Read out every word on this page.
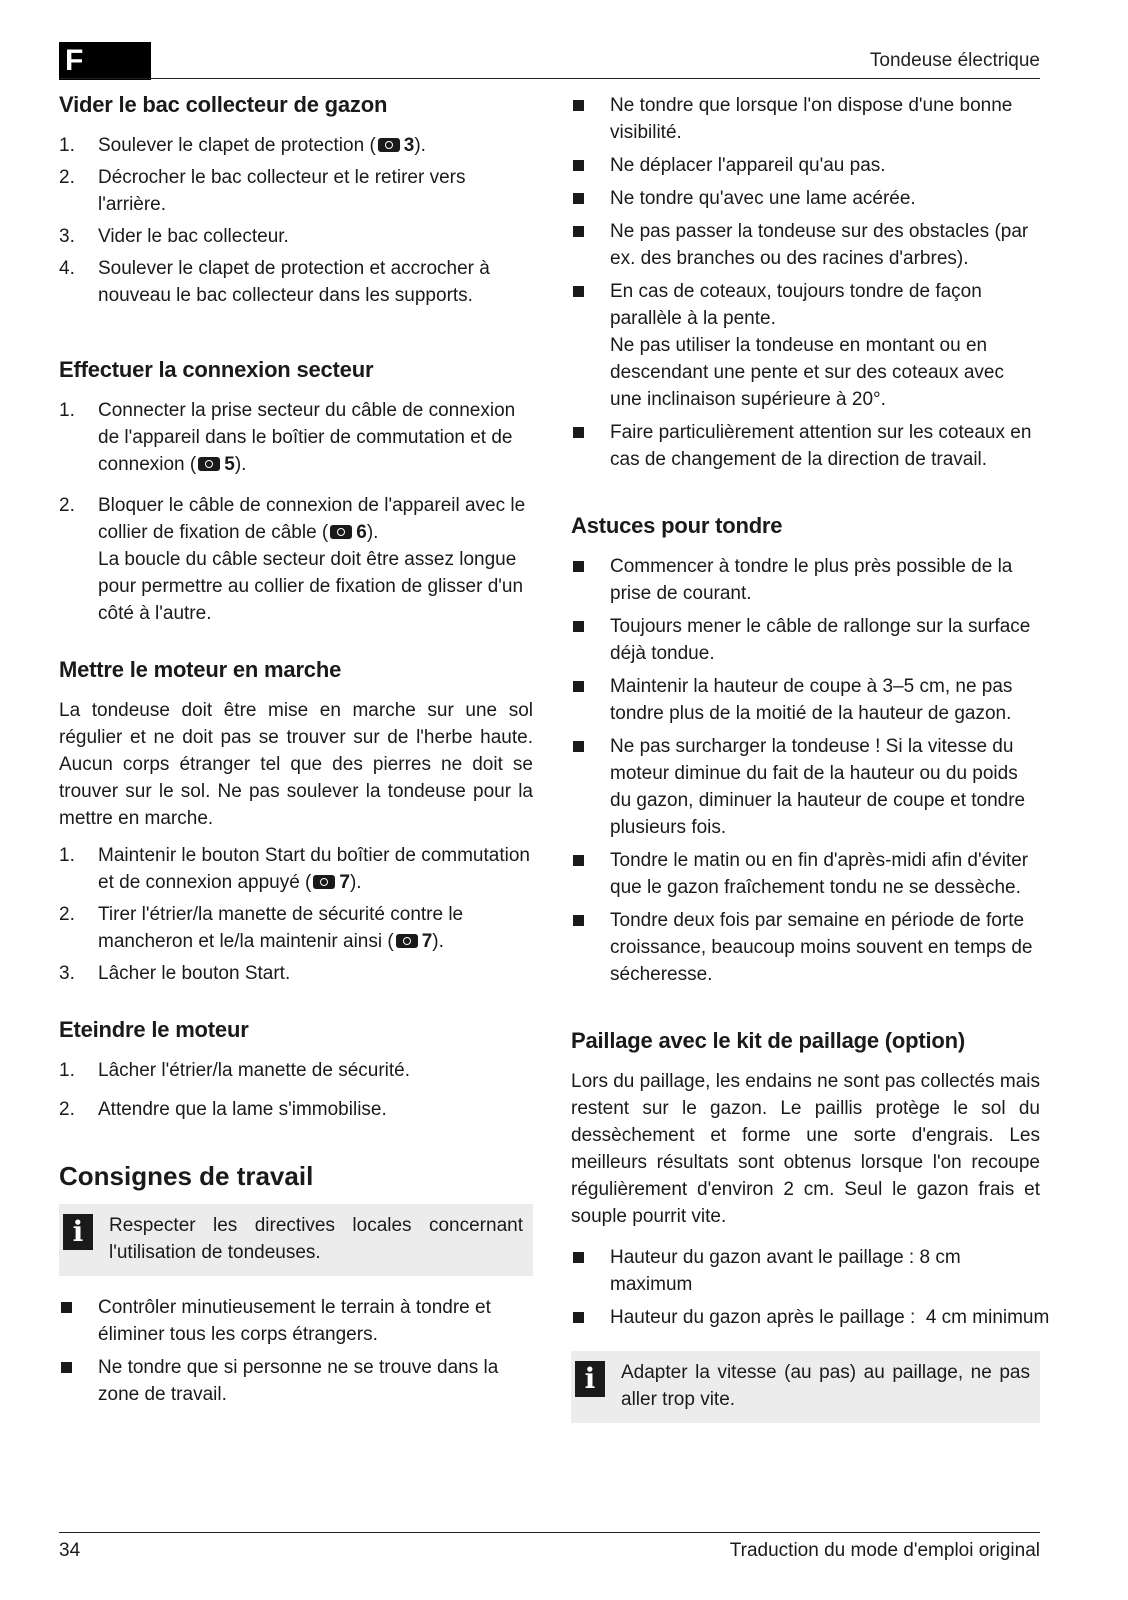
F	Tondeuse électrique
Vider le bac collecteur de gazon
1. Soulever le clapet de protection ( 3).
2. Décrocher le bac collecteur et le retirer vers l'arrière.
3. Vider le bac collecteur.
4. Soulever le clapet de protection et accrocher à nouveau le bac collecteur dans les supports.
Effectuer la connexion secteur
1. Connecter la prise secteur du câble de connexion de l'appareil dans le boîtier de commutation et de connexion ( 5).
2. Bloquer le câble de connexion de l'appareil avec le collier de fixation de câble ( 6).
La boucle du câble secteur doit être assez longue pour permettre au collier de fixation de glisser d'un côté à l'autre.
Mettre le moteur en marche

La tondeuse doit être mise en marche sur une sol régulier et ne doit pas se trouver sur de l'herbe haute. Aucun corps étranger tel que des pierres ne doit se trouver sur le sol. Ne pas soulever la tondeuse pour la mettre en marche.

1. Maintenir le bouton Start du boîtier de commutation et de connexion appuyé ( 7).
2. Tirer l'étrier/la manette de sécurité contre le mancheron et le/la maintenir ainsi ( 7).
3. Lâcher le bouton Start.
Eteindre le moteur
1. Lâcher l'étrier/la manette de sécurité.
2. Attendre que la lame s'immobilise.
Consignes de travail
i	Respecter les directives locales concernant l'utilisation de tondeuses.
Contrôler minutieusement le terrain à tondre et éliminer tous les corps étrangers.
Ne tondre que si personne ne se trouve dans la zone de travail.
Ne tondre que lorsque l'on dispose d'une bonne visibilité.
Ne déplacer l'appareil qu'au pas.
Ne tondre qu'avec une lame acérée.
Ne pas passer la tondeuse sur des obstacles (par ex. des branches ou des racines d'arbres).
En cas de coteaux, toujours tondre de façon parallèle à la pente.
Ne pas utiliser la tondeuse en montant ou en descendant une pente et sur des coteaux avec une inclinaison supérieure à 20°.
Faire particulièrement attention sur les coteaux en cas de changement de la direction de travail.
Astuces pour tondre
Commencer à tondre le plus près possible de la prise de courant.
Toujours mener le câble de rallonge sur la surface déjà tondue.
Maintenir la hauteur de coupe à 3–5 cm, ne pas tondre plus de la moitié de la hauteur de gazon.
Ne pas surcharger la tondeuse ! Si la vitesse du moteur diminue du fait de la hauteur ou du poids du gazon, diminuer la hauteur de coupe et tondre plusieurs fois.
Tondre le matin ou en fin d'après-midi afin d'éviter que le gazon fraîchement tondu ne se dessèche.
Tondre deux fois par semaine en période de forte croissance, beaucoup moins souvent en temps de sécheresse.
Paillage avec le kit de paillage (option)

Lors du paillage, les endains ne sont pas collectés mais restent sur le gazon. Le paillis protège le sol du dessèchement et forme une sorte d'engrais. Les meilleurs résultats sont obtenus lorsque l'on recoupe régulièrement d'environ 2 cm. Seul le gazon frais et souple pourrit vite.

Hauteur du gazon avant le paillage : 8 cm maximum
Hauteur du gazon après le paillage :  4 cm minimum
i	Adapter la vitesse (au pas) au paillage, ne pas aller trop vite.
34	Traduction du mode d'emploi original
